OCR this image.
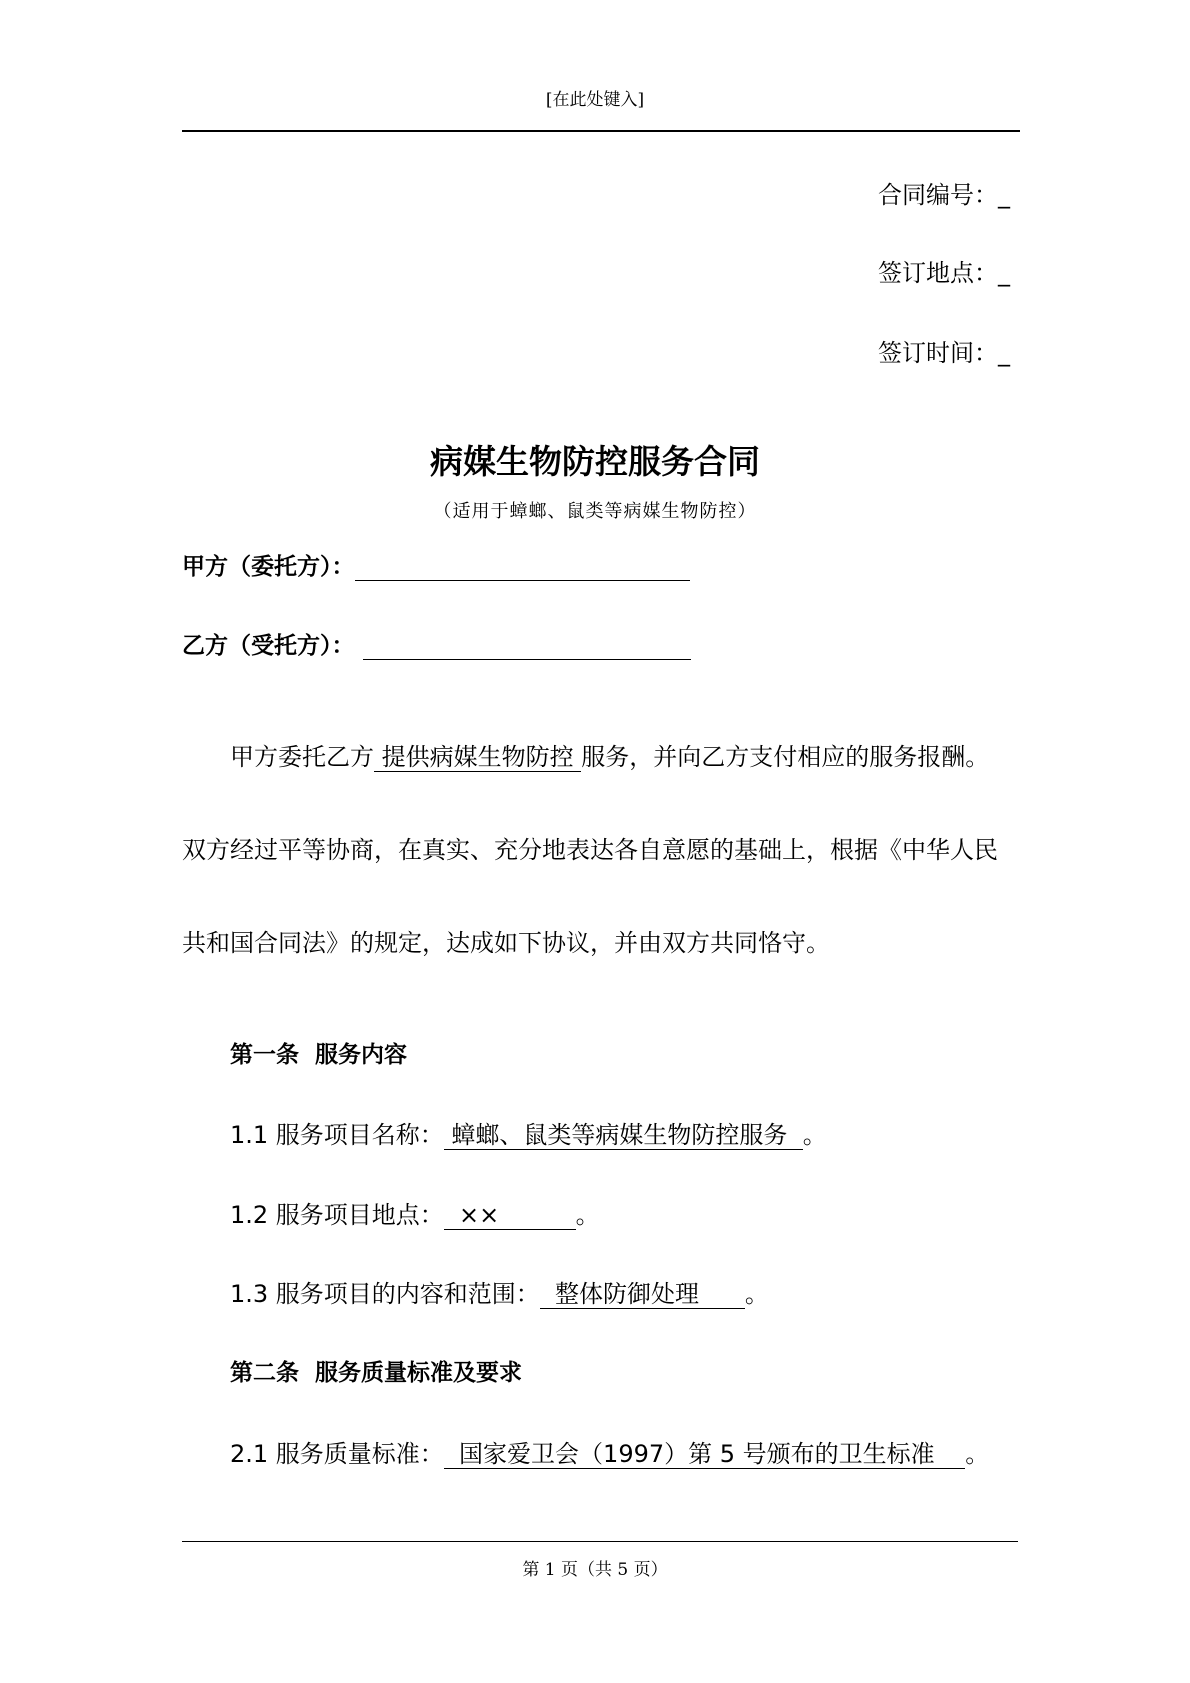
[在此处键入]
合同编号：_
签订地点：_
签订时间：_
病媒生物防控服务合同
（适用于蟑螂、鼠类等病媒生物防控）
甲方（委托方）：
乙方（受托方）：
甲方委托乙方 提供病媒生物防控 服务，并向乙方支付相应的服务报酬。
双方经过平等协商，在真实、充分地表达各自意愿的基础上，根据《中华人民
共和国合同法》的规定，达成如下协议，并由双方共同恪守。
第一条  服务内容
1.1 服务项目名称： 蟑螂、鼠类等病媒生物防控服务  。
1.2 服务项目地点：  ××          。
1.3 服务项目的内容和范围：  整体防御处理      。
第二条  服务质量标准及要求
2.1 服务质量标准：  国家爱卫会（1997）第 5 号颁布的卫生标准    。
第 1 页（共 5 页）
